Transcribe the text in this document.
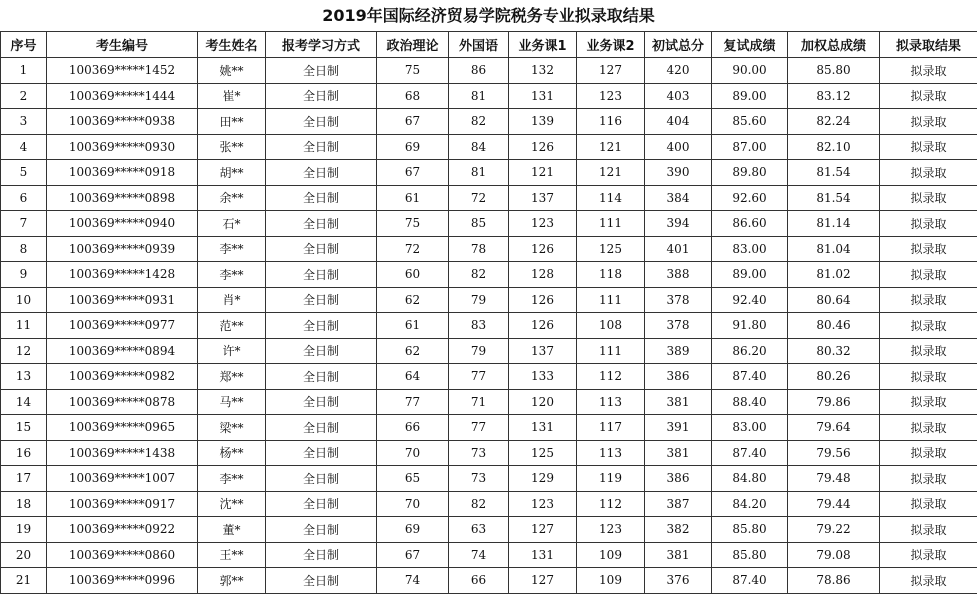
2019年国际经济贸易学院税务专业拟录取结果
序号	考生编号	考生姓名	报考学习方式	政治理论	外国语	业务课1	业务课2	初试总分	复试成绩	加权总成绩	拟录取结果
1	100369*****1452	姚**	全日制	75	86	132	127	420	90.00	85.80	拟录取
2	100369*****1444	崔*	全日制	68	81	131	123	403	89.00	83.12	拟录取
3	100369*****0938	田**	全日制	67	82	139	116	404	85.60	82.24	拟录取
4	100369*****0930	张**	全日制	69	84	126	121	400	87.00	82.10	拟录取
5	100369*****0918	胡**	全日制	67	81	121	121	390	89.80	81.54	拟录取
6	100369*****0898	余**	全日制	61	72	137	114	384	92.60	81.54	拟录取
7	100369*****0940	石*	全日制	75	85	123	111	394	86.60	81.14	拟录取
8	100369*****0939	李**	全日制	72	78	126	125	401	83.00	81.04	拟录取
9	100369*****1428	李**	全日制	60	82	128	118	388	89.00	81.02	拟录取
10	100369*****0931	肖*	全日制	62	79	126	111	378	92.40	80.64	拟录取
11	100369*****0977	范**	全日制	61	83	126	108	378	91.80	80.46	拟录取
12	100369*****0894	许*	全日制	62	79	137	111	389	86.20	80.32	拟录取
13	100369*****0982	郑**	全日制	64	77	133	112	386	87.40	80.26	拟录取
14	100369*****0878	马**	全日制	77	71	120	113	381	88.40	79.86	拟录取
15	100369*****0965	梁**	全日制	66	77	131	117	391	83.00	79.64	拟录取
16	100369*****1438	杨**	全日制	70	73	125	113	381	87.40	79.56	拟录取
17	100369*****1007	李**	全日制	65	73	129	119	386	84.80	79.48	拟录取
18	100369*****0917	沈**	全日制	70	82	123	112	387	84.20	79.44	拟录取
19	100369*****0922	董*	全日制	69	63	127	123	382	85.80	79.22	拟录取
20	100369*****0860	王**	全日制	67	74	131	109	381	85.80	79.08	拟录取
21	100369*****0996	郭**	全日制	74	66	127	109	376	87.40	78.86	拟录取
